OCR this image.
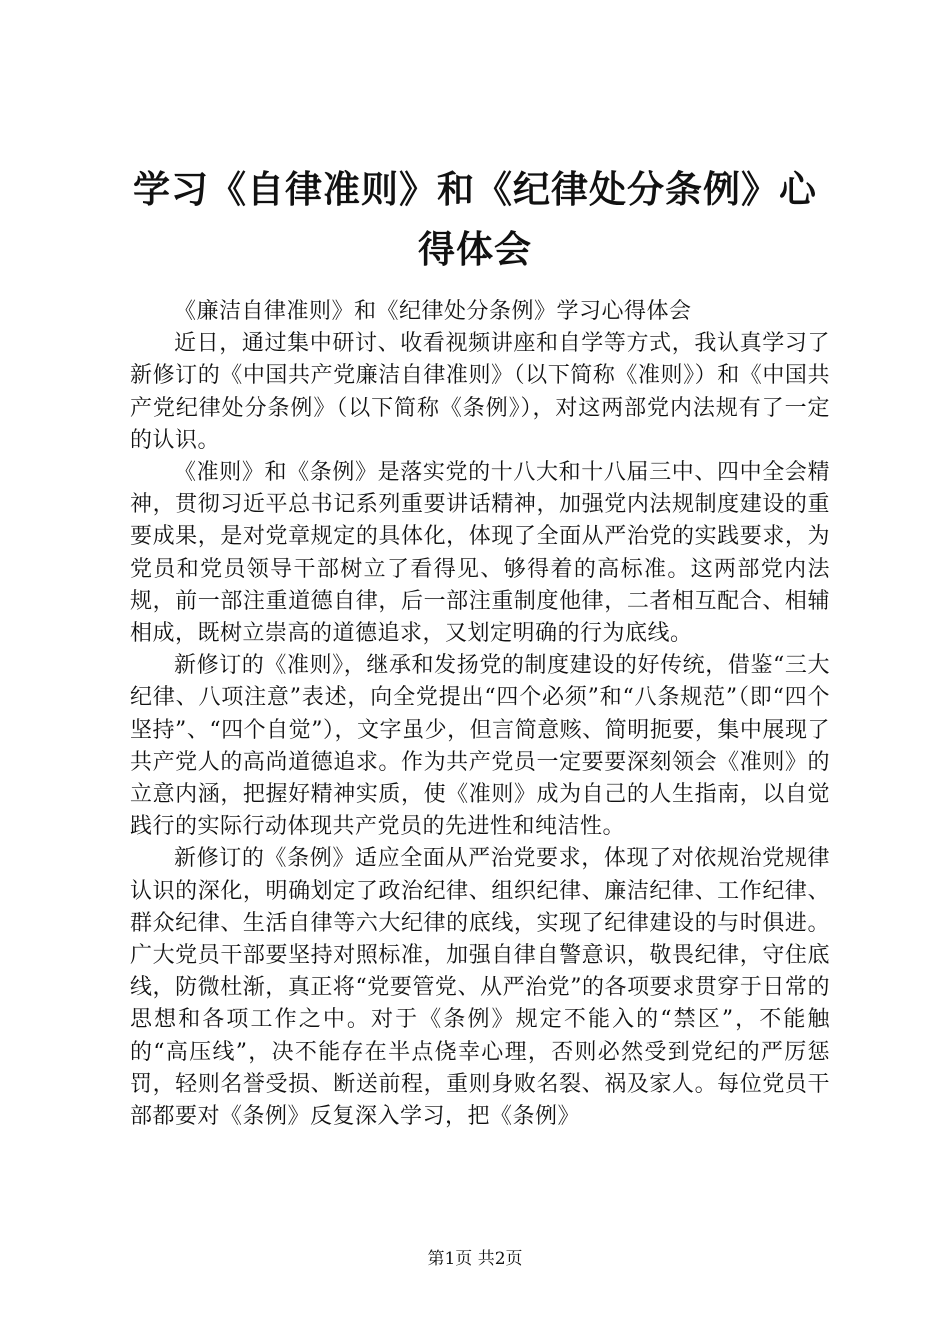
学习《自律准则》和《纪律处分条例》心得体会

《廉洁自律准则》和《纪律处分条例》学习心得体会

近日，通过集中研讨、收看视频讲座和自学等方式，我认真学习了新修订的《中国共产党廉洁自律准则》（以下简称《准则》）和《中国共产党纪律处分条例》（以下简称《条例》），对这两部党内法规有了一定的认识。

《准则》和《条例》是落实党的十八大和十八届三中、四中全会精神，贯彻习近平总书记系列重要讲话精神，加强党内法规制度建设的重要成果，是对党章规定的具体化，体现了全面从严治党的实践要求，为党员和党员领导干部树立了看得见、够得着的高标准。这两部党内法规，前一部注重道德自律，后一部注重制度他律，二者相互配合、相辅相成，既树立崇高的道德追求，又划定明确的行为底线。

新修订的《准则》，继承和发扬党的制度建设的好传统，借鉴“三大纪律、八项注意”表述，向全党提出“四个必须”和“八条规范”（即“四个坚持”、“四个自觉”），文字虽少，但言简意赅、简明扼要，集中展现了共产党人的高尚道德追求。作为共产党员一定要要深刻领会《准则》的立意内涵，把握好精神实质，使《准则》成为自己的人生指南，以自觉践行的实际行动体现共产党员的先进性和纯洁性。

新修订的《条例》适应全面从严治党要求，体现了对依规治党规律认识的深化，明确划定了政治纪律、组织纪律、廉洁纪律、工作纪律、群众纪律、生活自律等六大纪律的底线，实现了纪律建设的与时俱进。广大党员干部要坚持对照标准，加强自律自警意识，敬畏纪律，守住底线，防微杜渐，真正将“党要管党、从严治党”的各项要求贯穿于日常的思想和各项工作之中。对于《条例》规定不能入的“禁区”，不能触的“高压线”，决不能存在半点侥幸心理，否则必然受到党纪的严厉惩罚，轻则名誉受损、断送前程，重则身败名裂、祸及家人。每位党员干部都要对《条例》反复深入学习，把《条例》

第1页 共2页
